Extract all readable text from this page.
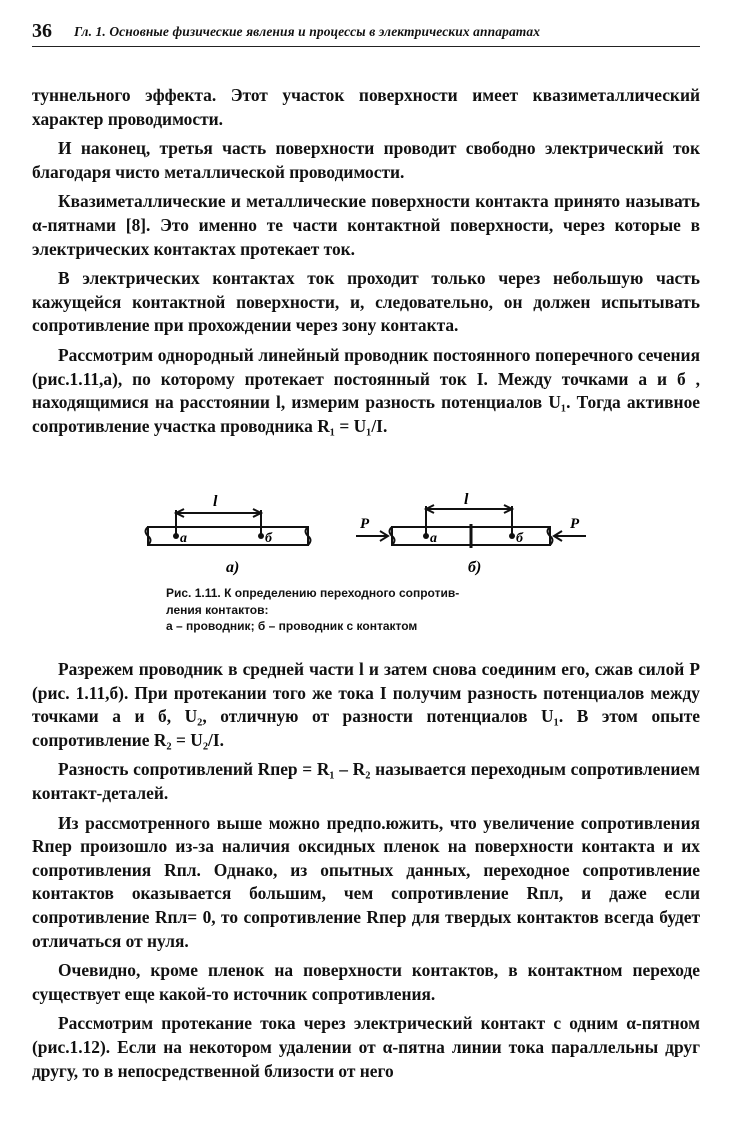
36 Гл. 1. Основные физические явления и процессы в электрических аппаратах

туннельного эффекта. Этот участок поверхности имеет квазиметаллический характер проводимости.

И наконец, третья часть поверхности проводит свободно электрический ток благодаря чисто металлической проводимости.

Квазиметаллические и металлические поверхности контакта принято называть α-пятнами [8]. Это именно те части контактной поверхности, через которые в электрических контактах протекает ток.

В электрических контактах ток проходит только через небольшую часть кажущейся контактной поверхности, и, следовательно, он должен испытывать сопротивление при прохождении через зону контакта.

Рассмотрим однородный линейный проводник постоянного поперечного сечения (рис.1.11,а), по которому протекает постоянный ток I. Между точками а и б , находящимися на расстоянии l, измерим разность потенциалов U₁. Тогда активное сопротивление участка проводника R₁ = U₁/I.

l
a	б
l
a	б
P	P
а)	б)
Рис. 1.11. К определению переходного сопротив-
ления контактов:
а – проводник; б – проводник с контактом

Разрежем проводник в средней части l и затем снова соединим его, сжав силой P (рис. 1.11,б). При протекании того же тока I получим разность потенциалов между точками а и б, U₂, отличную от разности потенциалов U₁. В этом опыте сопротивление R₂ = U₂/I.

Разность сопротивлений Rпер = R₁ – R₂ называется переходным сопротивлением контакт-деталей.

Из рассмотренного выше можно предпо.южить, что увеличение сопротивления Rпер произошло из-за наличия оксидных пленок на поверхности контакта и их сопротивления Rпл. Однако, из опытных данных, переходное сопротивление контактов оказывается большим, чем сопротивление Rпл, и даже если сопротивление Rпл= 0, то сопротивление Rпер для твердых контактов всегда будет отличаться от нуля.

Очевидно, кроме пленок на поверхности контактов, в контактном переходе существует еще какой-то источник сопротивления.

Рассмотрим протекание тока через электрический контакт с одним α-пятном (рис.1.12). Если на некотором удалении от α-пятна линии тока параллельны друг другу, то в непосредственной близости от него
